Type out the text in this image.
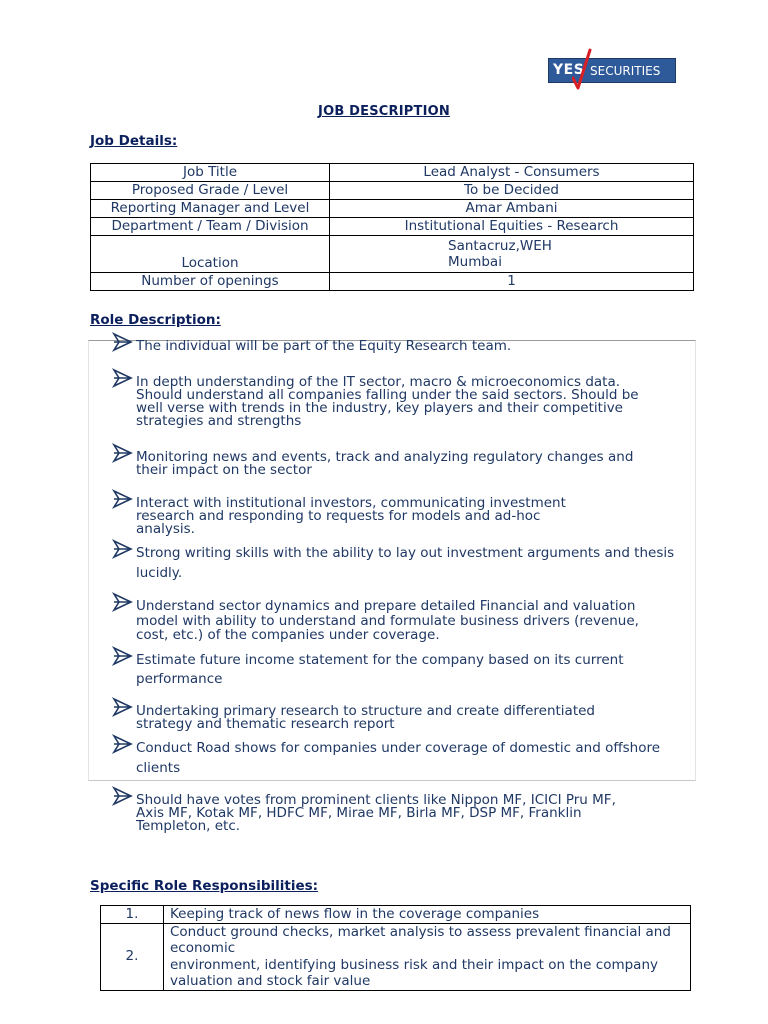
YES SECURITIES
JOB DESCRIPTION
Job Details:
Job Title	Lead Analyst - Consumers
Proposed Grade / Level	To be Decided
Reporting Manager and Level	Amar Ambani
Department / Team / Division	Institutional Equities - Research
Location	Santacruz,WEH
Mumbai

Number of openings	1
Role Description:
The individual will be part of the Equity Research team.
In depth understanding of the IT sector, macro & microeconomics data.
Should understand all companies falling under the said sectors. Should be
well verse with trends in the industry, key players and their competitive
strategies and strengths
Monitoring news and events, track and analyzing regulatory changes and
their impact on the sector
Interact with institutional investors, communicating investment
research and responding to requests for models and ad-hoc
analysis.
Strong writing skills with the ability to lay out investment arguments and thesis
lucidly.
Understand sector dynamics and prepare detailed Financial and valuation
model with ability to understand and formulate business drivers (revenue,
cost, etc.) of the companies under coverage.
Estimate future income statement for the company based on its current
performance
Undertaking primary research to structure and create differentiated
strategy and thematic research report
Conduct Road shows for companies under coverage of domestic and offshore
clients
Should have votes from prominent clients like Nippon MF, ICICI Pru MF,
Axis MF, Kotak MF, HDFC MF, Mirae MF, Birla MF, DSP MF, Franklin
Templeton, etc.
Specific Role Responsibilities:
1.	Keeping track of news flow in the coverage companies

2.	Conduct ground checks, market analysis to assess prevalent financial and
economic
environment, identifying business risk and their impact on the company
valuation and stock fair value
